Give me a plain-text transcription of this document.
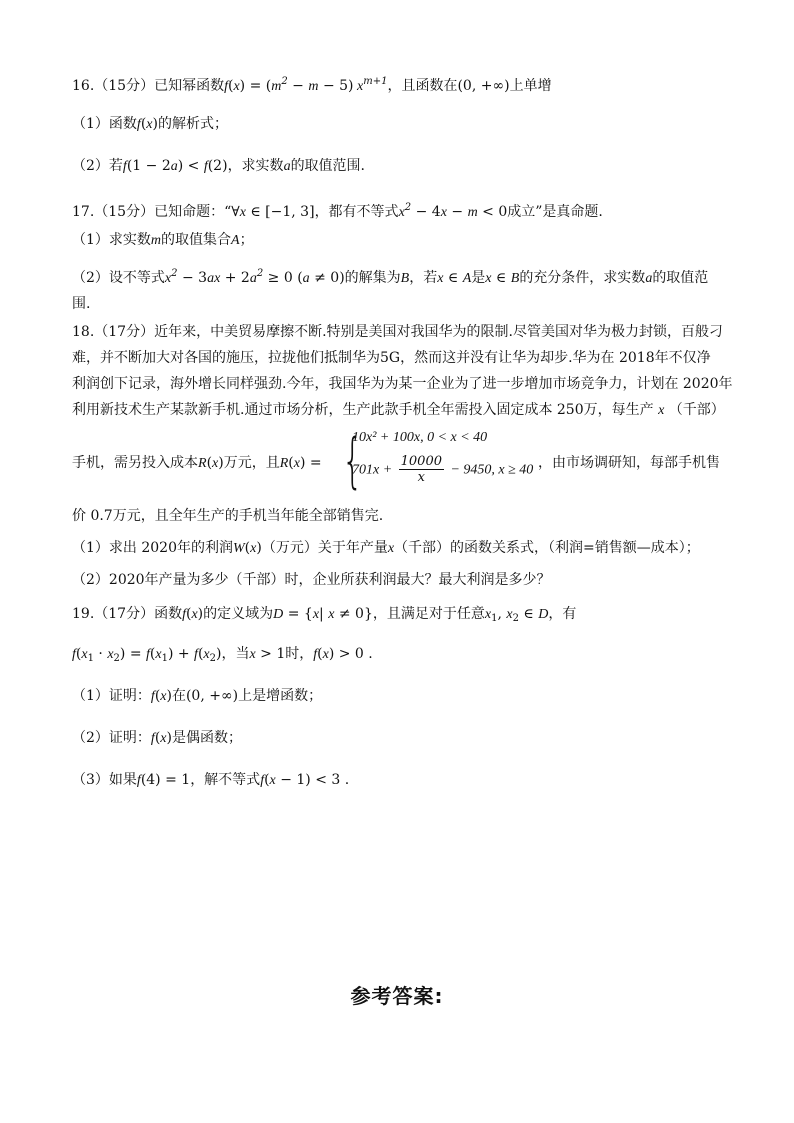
16.（15分）已知幂函数$f(x) = (m^2 - m - 5)$ $x^{m+1}$，且函数在(0, +∞)上单增
（1）函数f(x)的解析式；
（2）若f(1 − 2a) < f(2)，求实数a的取值范围.
17.（15分）已知命题：“∀x ∈ [−1, 3]，都有不等式$x^2 - 4x - m < 0$成立”是真命题.
（1）求实数m的取值集合A；
（2）设不等式$x^2 - 3ax + 2a^2 \ge 0$ (a ≠ 0)的解集为B，若x ∈ A是x ∈ B的充分条件，求实数a的取值范
围.
18.（17分）近年来，中美贸易摩擦不断.特别是美国对我国华为的限制.尽管美国对华为极力封锁，百般刁
难，并不断加大对各国的施压，拉拢他们抵制华为5G，然而这并没有让华为却步.华为在 2018年不仅净
利润创下记录，海外增长同样强劲.今年，我国华为为某一企业为了进一步增加市场竞争力，计划在 2020年
利用新技术生产某款新手机.通过市场分析，生产此款手机全年需投入固定成本 250万，每生产 x （千部）
手机，需另投入成本R(x)万元，且R(x) = {
10x² + 100x, 0 < x < 40
$701x + \frac{10000}{x} - 9450$, x ≥ 40 ，由市场调研知，每部手机售
价 0.7万元，且全年生产的手机当年能全部销售完.
（1）求出 2020年的利润W(x)（万元）关于年产量x（千部）的函数关系式，（利润=销售额—成本）；
（2）2020年产量为多少（千部）时，企业所获利润最大？最大利润是多少？
19.（17分）函数f(x)的定义域为D = {x| x ≠ 0}，且满足对于任意$x_1$, $x_2$ ∈ D，有
$f(x_1 \cdot x_2) = f(x_1) + f(x_2)$，当x > 1时，f(x) > 0 .
（1）证明：f(x)在(0, +∞)上是增函数；
（2）证明：f(x)是偶函数；
（3）如果f(4) = 1，解不等式f(x − 1) < 3 .
参考答案:
